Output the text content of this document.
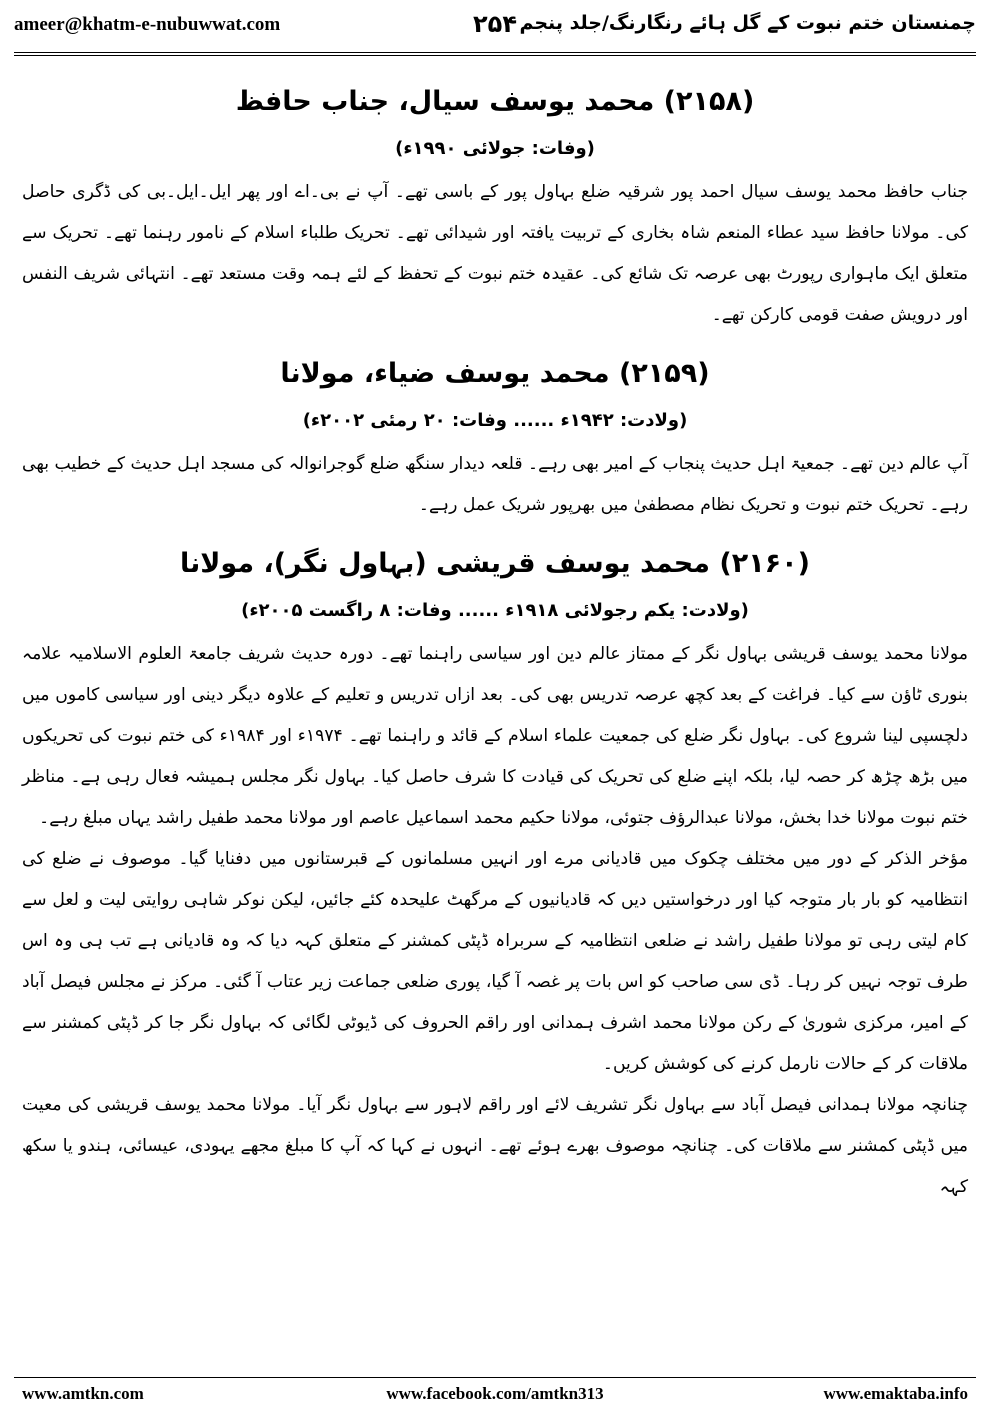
ameer@khatm-e-nubuwwat.com	۲۵۴ چمنستان ختم نبوت کے گل ہائے رنگارنگ/جلد پنجم
(۲۱۵۸) محمد یوسف سیال، جناب حافظ
(وفات: جولائی ۱۹۹۰ء)

جناب حافظ محمد یوسف سیال احمد پور شرقیہ ضلع بہاول پور کے باسی تھے۔ آپ نے بی۔اے اور پھر ایل۔ایل۔بی کی ڈگری حاصل کی۔ مولانا حافظ سید عطاء المنعم شاہ بخاری کے تربیت یافتہ اور شیدائی تھے۔ تحریک طلباء اسلام کے نامور رہنما تھے۔ تحریک سے متعلق ایک ماہواری رپورٹ بھی عرصہ تک شائع کی۔ عقیدہ ختم نبوت کے تحفظ کے لئے ہمہ وقت مستعد تھے۔ انتہائی شریف النفس اور درویش صفت قومی کارکن تھے۔

(۲۱۵۹) محمد یوسف ضیاء، مولانا
(ولادت: ۱۹۴۲ء ...... وفات: ۲۰ رمئی ۲۰۰۲ء)

آپ عالم دین تھے۔ جمعیۃ اہل حدیث پنجاب کے امیر بھی رہے۔ قلعہ دیدار سنگھ ضلع گوجرانوالہ کی مسجد اہل حدیث کے خطیب بھی رہے۔ تحریک ختم نبوت و تحریک نظام مصطفیٰ میں بھرپور شریک عمل رہے۔

(۲۱۶۰) محمد یوسف قریشی (بہاول نگر)، مولانا
(ولادت: یکم رجولائی ۱۹۱۸ء ...... وفات: ۸ راگست ۲۰۰۵ء)

مولانا محمد یوسف قریشی بہاول نگر کے ممتاز عالم دین اور سیاسی راہنما تھے۔ دورہ حدیث شریف جامعۃ العلوم الاسلامیہ علامہ بنوری ٹاؤن سے کیا۔ فراغت کے بعد کچھ عرصہ تدریس بھی کی۔ بعد ازاں تدریس و تعلیم کے علاوہ دیگر دینی اور سیاسی کاموں میں دلچسپی لینا شروع کی۔ بہاول نگر ضلع کی جمعیت علماء اسلام کے قائد و راہنما تھے۔ ۱۹۷۴ء اور ۱۹۸۴ء کی ختم نبوت کی تحریکوں میں بڑھ چڑھ کر حصہ لیا، بلکہ اپنے ضلع کی تحریک کی قیادت کا شرف حاصل کیا۔ بہاول نگر مجلس ہمیشہ فعال رہی ہے۔ مناظر ختم نبوت مولانا خدا بخش، مولانا عبدالرؤف جتوئی، مولانا حکیم محمد اسماعیل عاصم اور مولانا محمد طفیل راشد یہاں مبلغ رہے۔

مؤخر الذکر کے دور میں مختلف چکوک میں قادیانی مرے اور انہیں مسلمانوں کے قبرستانوں میں دفنایا گیا۔ موصوف نے ضلع کی انتظامیہ کو بار بار متوجہ کیا اور درخواستیں دیں کہ قادیانیوں کے مرگھٹ علیحدہ کئے جائیں، لیکن نوکر شاہی روایتی لیت و لعل سے کام لیتی رہی تو مولانا طفیل راشد نے ضلعی انتظامیہ کے سربراہ ڈپٹی کمشنر کے متعلق کہہ دیا کہ وہ قادیانی ہے تب ہی وہ اس طرف توجہ نہیں کر رہا۔ ڈی سی صاحب کو اس بات پر غصہ آ گیا، پوری ضلعی جماعت زیر عتاب آ گئی۔ مرکز نے مجلس فیصل آباد کے امیر، مرکزی شوریٰ کے رکن مولانا محمد اشرف ہمدانی اور راقم الحروف کی ڈیوٹی لگائی کہ بہاول نگر جا کر ڈپٹی کمشنر سے ملاقات کر کے حالات نارمل کرنے کی کوشش کریں۔

چنانچہ مولانا ہمدانی فیصل آباد سے بہاول نگر تشریف لائے اور راقم لاہور سے بہاول نگر آیا۔ مولانا محمد یوسف قریشی کی معیت میں ڈپٹی کمشنر سے ملاقات کی۔ چنانچہ موصوف بھرے ہوئے تھے۔ انہوں نے کہا کہ آپ کا مبلغ مجھے یہودی، عیسائی، ہندو یا سکھ کہہ

www.amtkn.com	www.facebook.com/amtkn313	www.emaktaba.info
